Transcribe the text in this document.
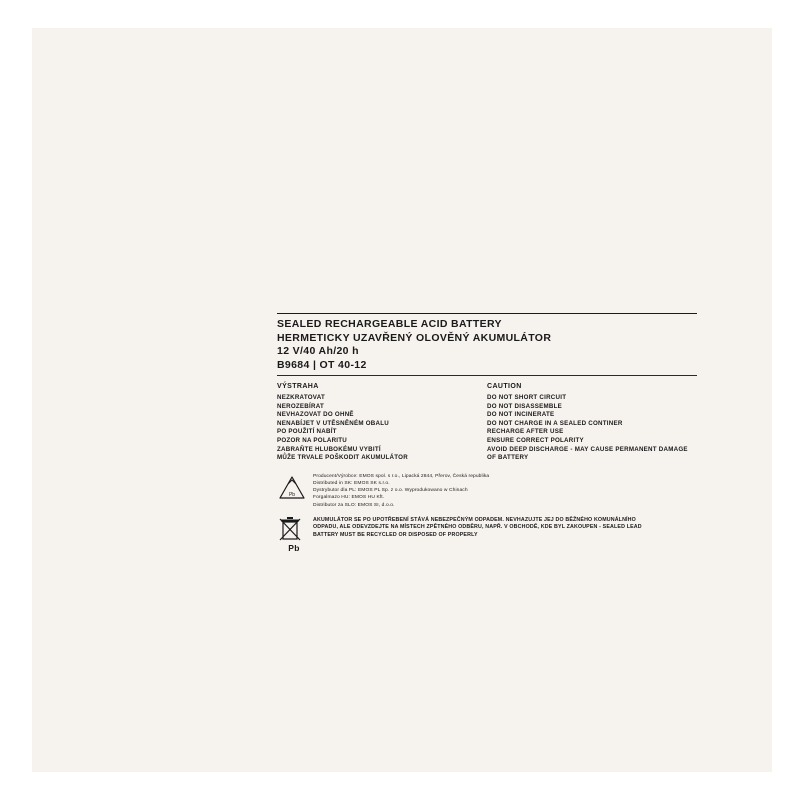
SEALED RECHARGEABLE ACID BATTERY
HERMETICKY UZAVŘENÝ OLOVĚNÝ AKUMULÁTOR
12 V/40 Ah/20 h
B9684 | OT 40-12
VÝSTRAHA
NEZKRATOVAT
NEROZEBÍRAT
NEVHAZOVAT DO OHNĚ
NENABÍJET V UTĚSNĚNÉM OBALU
PO POUŽITÍ NABÍT
POZOR NA POLARITU
ZABRAŇTE HLUBOKÉMU VYBITÍ
MŮŽE TRVALE POŠKODIT AKUMULÁTOR
CAUTION
DO NOT SHORT CIRCUIT
DO NOT DISASSEMBLE
DO NOT INCINERATE
DO NOT CHARGE IN A SEALED CONTINER
RECHARGE AFTER USE
ENSURE CORRECT POLARITY
AVOID DEEP DISCHARGE - MAY CAUSE PERMANENT DAMAGE
OF BATTERY
Pb
Producent/Výrobce: EMOS spol. s r.o., Lipacká 2844, Přerov, Česká republika
Distributed in SK: EMOS SK s.r.o.
Dystrybutor dla PL: EMOS PL Sp. z o.o. Wyprodukowano w Chinach
Forgalmazo HU: EMOS HU Kft.
Distributor za SLO: EMOS SI, d.o.o.
Pb
AKUMULÁTOR SE PO UPOTŘEBENÍ STÁVÁ NEBEZPEČNÝM ODPADEM. NEVHAZUJTE JEJ DO BĚŽNÉHO KOMUNÁLNÍHO
ODPADU, ALE ODEVZDEJTE NA MÍSTECH ZPĚTNÉHO ODBĚRU, NAPŘ. V OBCHODĚ, KDE BYL ZAKOUPEN - SEALED LEAD
BATTERY MUST BE RECYCLED OR DISPOSED OF PROPERLY
